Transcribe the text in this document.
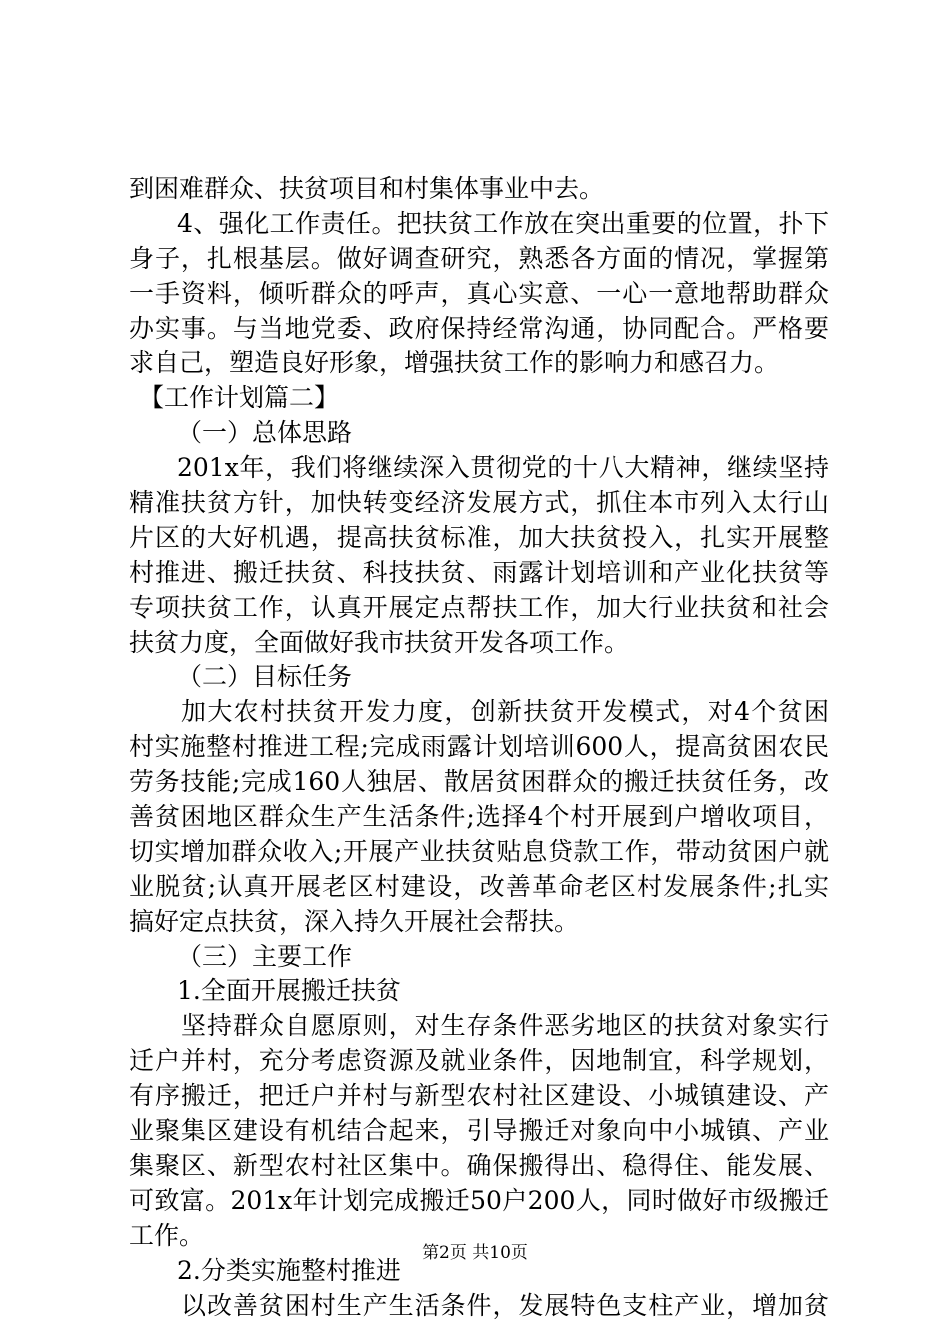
到困难群众、扶贫项目和村集体事业中去。
4、强化工作责任。把扶贫工作放在突出重要的位置，扑下
身子，扎根基层。做好调查研究，熟悉各方面的情况，掌握第
一手资料，倾听群众的呼声，真心实意、一心一意地帮助群众
办实事。与当地党委、政府保持经常沟通，协同配合。严格要
求自己，塑造良好形象，增强扶贫工作的影响力和感召力。
【工作计划篇二】
（一）总体思路
201x年，我们将继续深入贯彻党的十八大精神，继续坚持
精准扶贫方针，加快转变经济发展方式，抓住本市列入太行山
片区的大好机遇，提高扶贫标准，加大扶贫投入，扎实开展整
村推进、搬迁扶贫、科技扶贫、雨露计划培训和产业化扶贫等
专项扶贫工作，认真开展定点帮扶工作，加大行业扶贫和社会
扶贫力度，全面做好我市扶贫开发各项工作。
（二）目标任务
加大农村扶贫开发力度，创新扶贫开发模式，对4个贫困
村实施整村推进工程;完成雨露计划培训600人，提高贫困农民
劳务技能;完成160人独居、散居贫困群众的搬迁扶贫任务，改
善贫困地区群众生产生活条件;选择4个村开展到户增收项目，
切实增加群众收入;开展产业扶贫贴息贷款工作，带动贫困户就
业脱贫;认真开展老区村建设，改善革命老区村发展条件;扎实
搞好定点扶贫，深入持久开展社会帮扶。
（三）主要工作
1.全面开展搬迁扶贫
坚持群众自愿原则，对生存条件恶劣地区的扶贫对象实行
迁户并村，充分考虑资源及就业条件，因地制宜，科学规划，
有序搬迁，把迁户并村与新型农村社区建设、小城镇建设、产
业聚集区建设有机结合起来，引导搬迁对象向中小城镇、产业
集聚区、新型农村社区集中。确保搬得出、稳得住、能发展、
可致富。201x年计划完成搬迁50户200人，同时做好市级搬迁
工作。
2.分类实施整村推进
以改善贫困村生产生活条件，发展特色支柱产业，增加贫
第2页 共10页
